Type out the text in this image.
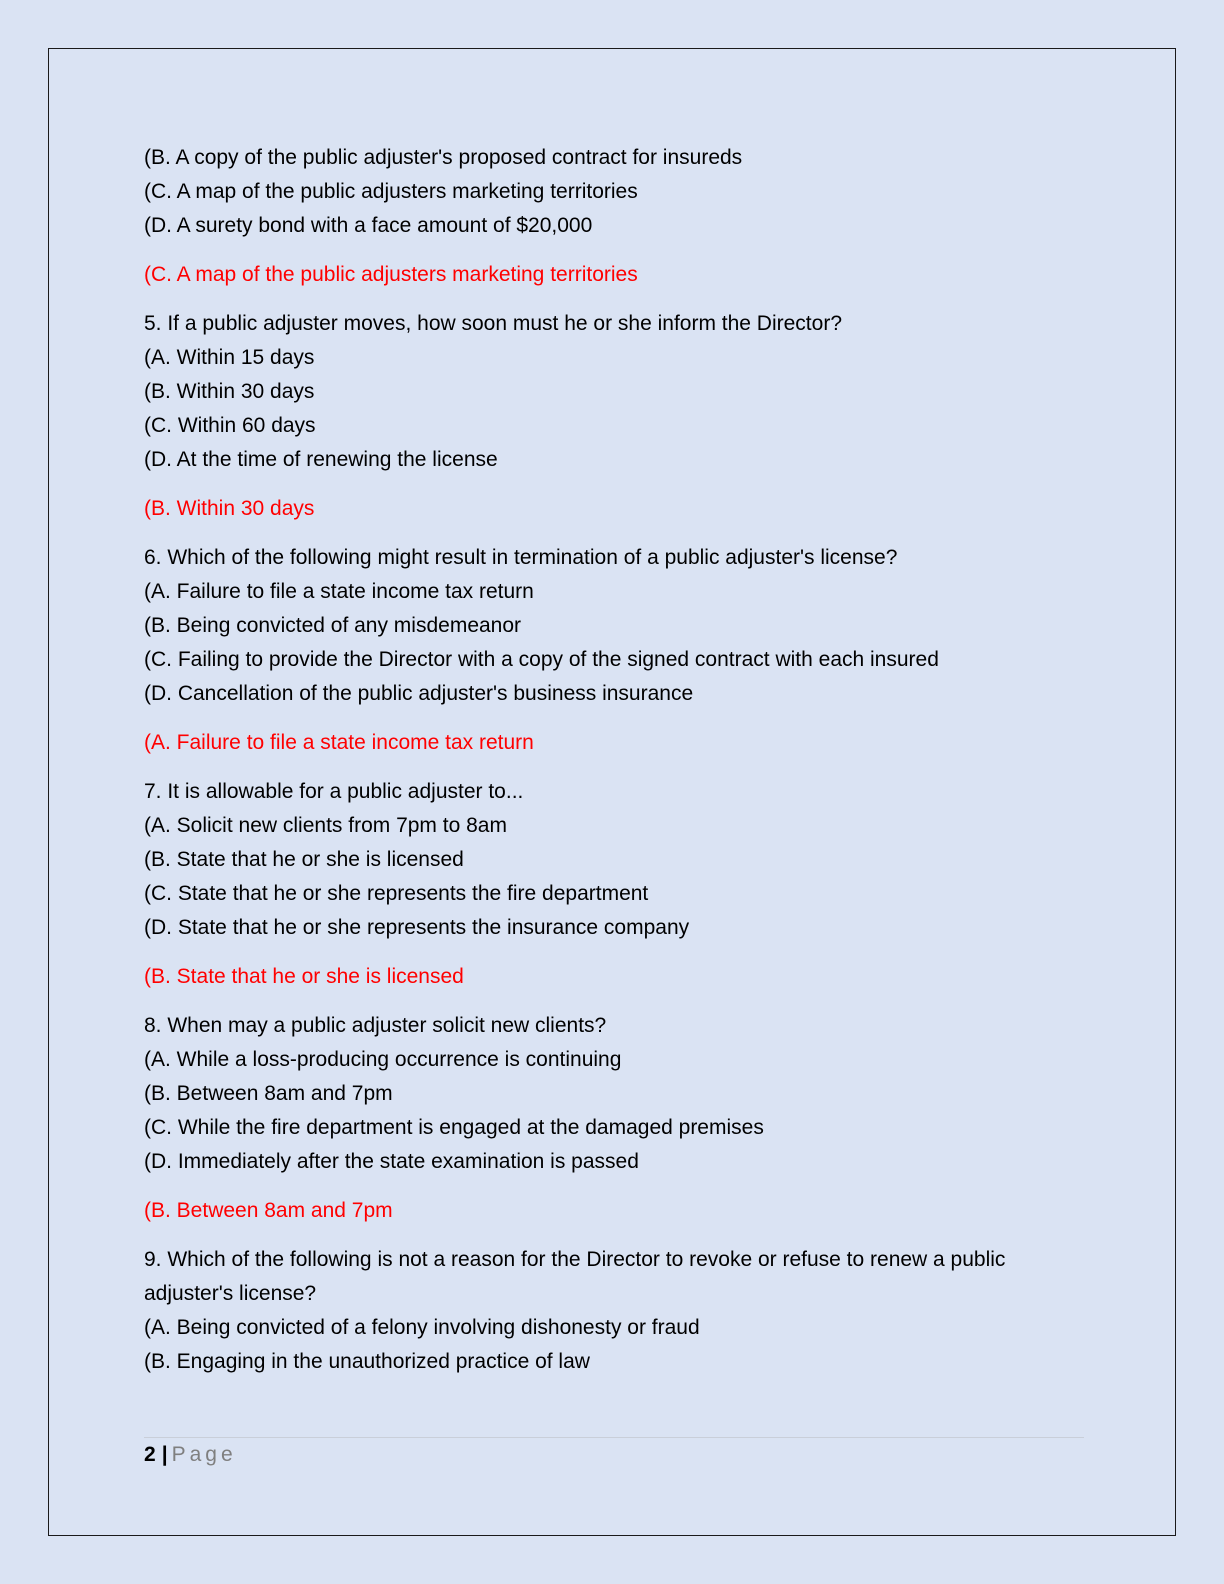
(B. A copy of the public adjuster's proposed contract for insureds

(C. A map of the public adjusters marketing territories

(D. A surety bond with a face amount of $20,000

(C. A map of the public adjusters marketing territories

5. If a public adjuster moves, how soon must he or she inform the Director?

(A. Within 15 days

(B. Within 30 days

(C. Within 60 days

(D. At the time of renewing the license

(B. Within 30 days

6. Which of the following might result in termination of a public adjuster's license?

(A. Failure to file a state income tax return

(B. Being convicted of any misdemeanor

(C. Failing to provide the Director with a copy of the signed contract with each insured

(D. Cancellation of the public adjuster's business insurance

(A. Failure to file a state income tax return

7. It is allowable for a public adjuster to...

(A. Solicit new clients from 7pm to 8am

(B. State that he or she is licensed

(C. State that he or she represents the fire department

(D. State that he or she represents the insurance company

(B. State that he or she is licensed

8. When may a public adjuster solicit new clients?

(A. While a loss-producing occurrence is continuing

(B. Between 8am and 7pm

(C. While the fire department is engaged at the damaged premises

(D. Immediately after the state examination is passed

(B. Between 8am and 7pm

9. Which of the following is not a reason for the Director to revoke or refuse to renew a public adjuster's license?

(A. Being convicted of a felony involving dishonesty or fraud

(B. Engaging in the unauthorized practice of law

2 | Page
